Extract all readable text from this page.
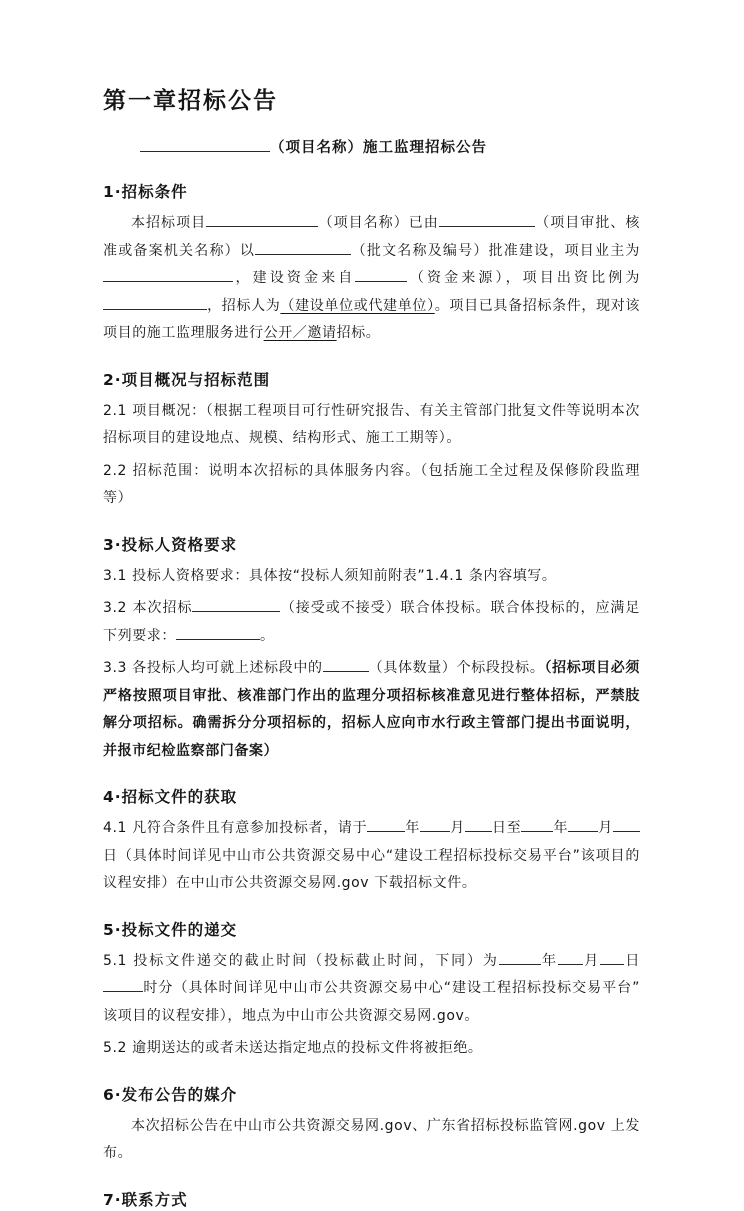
第一章招标公告
（项目名称）施工监理招标公告
1·招标条件

本招标项目	（项目名称）已由	（项目审批、核准或备案机关名称）以	（批文名称及编号）批准建设，项目业主为，建设资金来自	（资金来源），项目出资比例为，招标人为（建设单位或代建单位）。项目已具备招标条件，现对该项目的施工监理服务进行公开／邀请招标。

2·项目概况与招标范围

2.1 项目概况：（根据工程项目可行性研究报告、有关主管部门批复文件等说明本次招标项目的建设地点、规模、结构形式、施工工期等）。

2.2 招标范围：说明本次招标的具体服务内容。（包括施工全过程及保修阶段监理等）

3·投标人资格要求

3.1 投标人资格要求：具体按“投标人须知前附表”1.4.1 条内容填写。

3.2 本次招标	（接受或不接受）联合体投标。联合体投标的，应满足下列要求：	。

3.3 各投标人均可就上述标段中的	（具体数量）个标段投标。（招标项目必须严格按照项目审批、核准部门作出的监理分项招标核准意见进行整体招标，严禁肢解分项招标。确需拆分分项招标的，招标人应向市水行政主管部门提出书面说明，并报市纪检监察部门备案）

4·招标文件的获取

4.1 凡符合条件且有意参加投标者，请于	年 月 日至 年 月日（具体时间详见中山市公共资源交易中心“建设工程招标投标交易平台”该项目的议程安排）在中山市公共资源交易网.gov 下载招标文件。

5·投标文件的递交

5.1 投标文件递交的截止时间（投标截止时间，下同）为	年 月 日时分（具体时间详见中山市公共资源交易中心“建设工程招标投标交易平台”该项目的议程安排），地点为中山市公共资源交易网.gov。

5.2 逾期送达的或者未送达指定地点的投标文件将被拒绝。

6·发布公告的媒介

本次招标公告在中山市公共资源交易网.gov、广东省招标投标监管网.gov 上发布。

7·联系方式
